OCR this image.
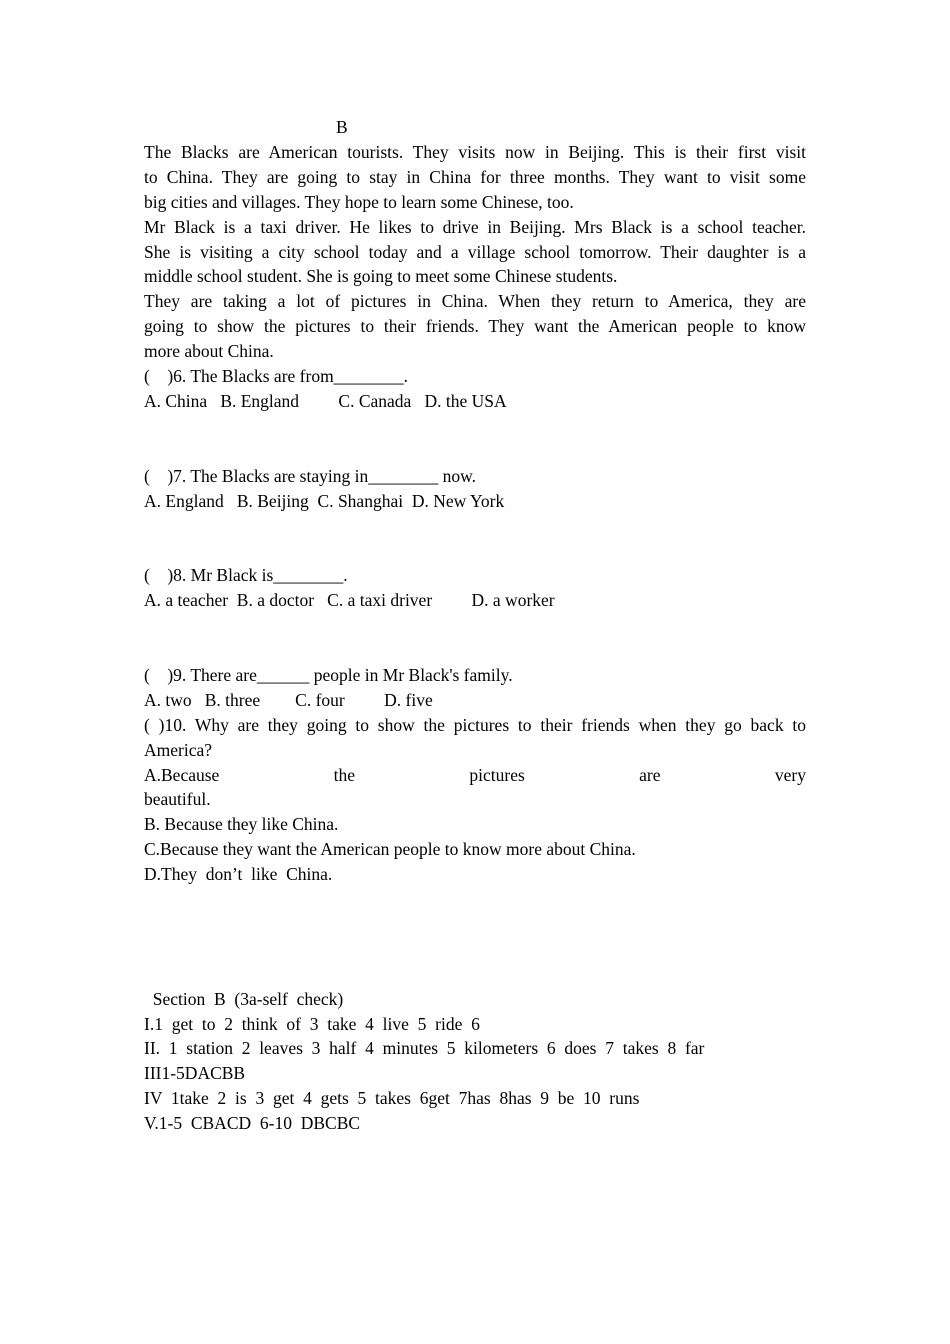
B
The Blacks are American tourists. They visits now in Beijing. This is their first visit
to China. They are going to stay in China for three months. They want to visit some
big cities and villages. They hope to learn some Chinese, too.
Mr Black is a taxi driver. He likes to drive in Beijing. Mrs Black is a school teacher.
She is visiting a city school today and a village school tomorrow. Their daughter is a
middle school student. She is going to meet some Chinese students.
They are taking a lot of pictures in China. When they return to America, they are
going to show the pictures to their friends. They want the American people to know
more about China.
(    )6. The Blacks are from________.
A. China   B. England         C. Canada   D. the USA
(    )7. The Blacks are staying in________ now.
A. England   B. Beijing  C. Shanghai  D. New York
(    )8. Mr Black is________.
A. a teacher  B. a doctor   C. a taxi driver         D. a worker
(    )9. There are______ people in Mr Black's family.
A. two   B. three        C. four         D. five
( )10. Why are they going to show the pictures to their friends when they go back to
America?
A.Because the pictures are very
beautiful.
B. Because they like China.
C.Because they want the American people to know more about China.
D.They  don’t  like  China.
Section  B  (3a-self  check)
I.1  get  to  2  think  of  3  take  4  live  5  ride  6
II.  1  station  2  leaves  3  half  4  minutes  5  kilometers  6  does  7  takes  8  far
III1-5DACBB
IV  1take  2  is  3  get  4  gets  5  takes  6get  7has  8has  9  be  10  runs
V.1-5  CBACD  6-10  DBCBC
